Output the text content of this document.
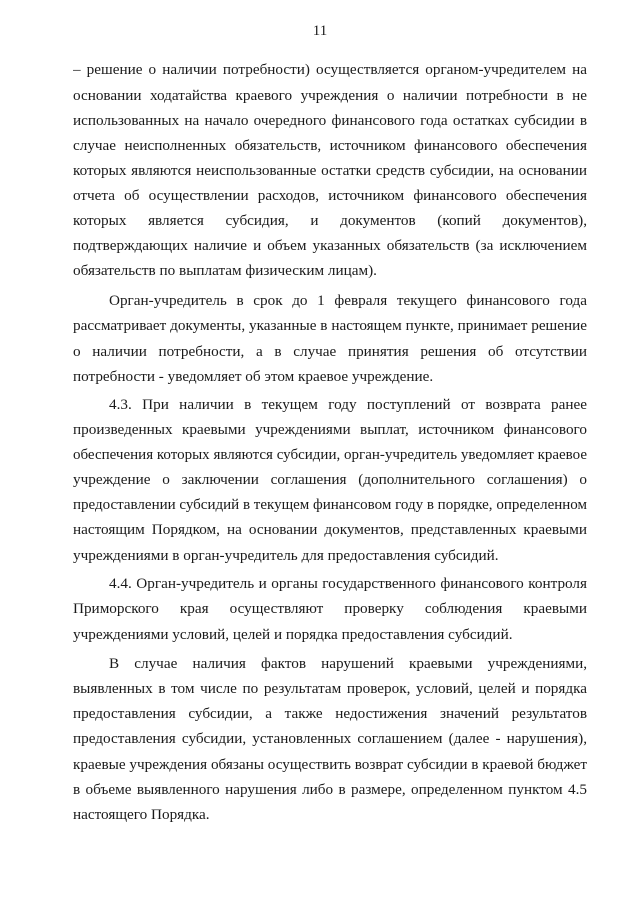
11
– решение о наличии потребности) осуществляется органом-учредителем на
основании ходатайства краевого учреждения о наличии потребности в не
использованных на начало очередного финансового года остатках субсидии в
случае неисполненных обязательств, источником финансового обеспечения
которых являются неиспользованные остатки средств субсидии, на основании
отчета об осуществлении расходов, источником финансового обеспечения
которых является субсидия, и документов (копий документов),
подтверждающих наличие и объем указанных обязательств (за исключением
обязательств по выплатам физическим лицам).
Орган-учредитель в срок до 1 февраля текущего финансового года
рассматривает документы, указанные в настоящем пункте, принимает решение
о наличии потребности, а в случае принятия решения об отсутствии
потребности - уведомляет об этом краевое учреждение.
4.3. При наличии в текущем году поступлений от возврата ранее
произведенных краевыми учреждениями выплат, источником финансового
обеспечения которых являются субсидии, орган-учредитель уведомляет краевое
учреждение о заключении соглашения (дополнительного соглашения) о
предоставлении субсидий в текущем финансовом году в порядке, определенном
настоящим Порядком, на основании документов, представленных краевыми
учреждениями в орган-учредитель для предоставления субсидий.
4.4. Орган-учредитель и органы государственного финансового контроля
Приморского края осуществляют проверку соблюдения краевыми
учреждениями условий, целей и порядка предоставления субсидий.
В случае наличия фактов нарушений краевыми учреждениями,
выявленных в том числе по результатам проверок, условий, целей и порядка
предоставления субсидии, а также недостижения значений результатов
предоставления субсидии, установленных соглашением (далее - нарушения),
краевые учреждения обязаны осуществить возврат субсидии в краевой бюджет
в объеме выявленного нарушения либо в размере, определенном пунктом 4.5
настоящего Порядка.
